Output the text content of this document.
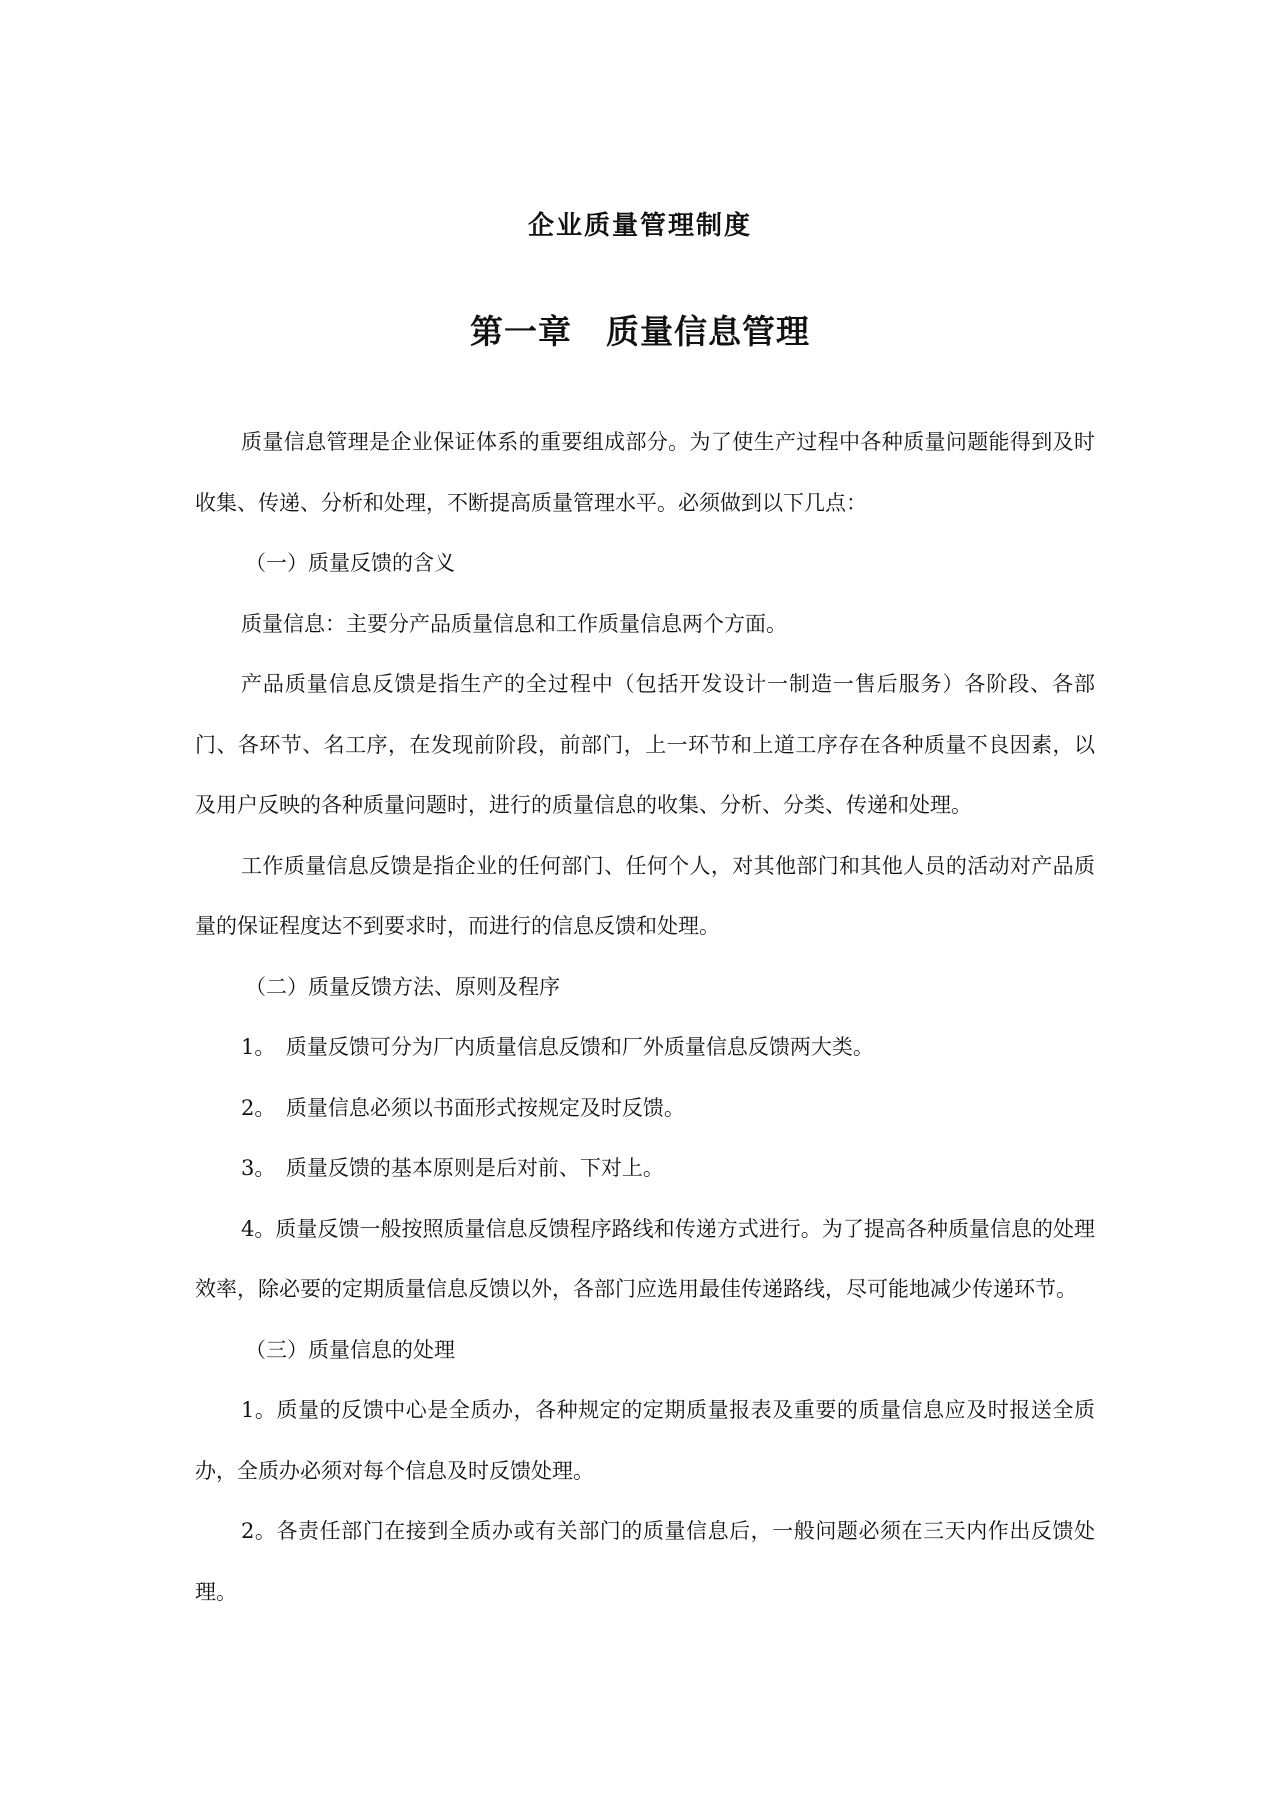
企业质量管理制度
第一章　质量信息管理

质量信息管理是企业保证体系的重要组成部分。为了使生产过程中各种质量问题能得到及时收集、传递、分析和处理，不断提高质量管理水平。必须做到以下几点：

（一）质量反馈的含义

质量信息：主要分产品质量信息和工作质量信息两个方面。

产品质量信息反馈是指生产的全过程中（包括开发设计一制造一售后服务）各阶段、各部门、各环节、名工序，在发现前阶段，前部门，上一环节和上道工序存在各种质量不良因素，以及用户反映的各种质量问题时，进行的质量信息的收集、分析、分类、传递和处理。

工作质量信息反馈是指企业的任何部门、任何个人，对其他部门和其他人员的活动对产品质量的保证程度达不到要求时，而进行的信息反馈和处理。

（二）质量反馈方法、原则及程序

1。　质量反馈可分为厂内质量信息反馈和厂外质量信息反馈两大类。

2。　质量信息必须以书面形式按规定及时反馈。

3。　质量反馈的基本原则是后对前、下对上。

4。质量反馈一般按照质量信息反馈程序路线和传递方式进行。为了提高各种质量信息的处理效率，除必要的定期质量信息反馈以外，各部门应选用最佳传递路线，尽可能地减少传递环节。

（三）质量信息的处理

1。质量的反馈中心是全质办，各种规定的定期质量报表及重要的质量信息应及时报送全质办，全质办必须对每个信息及时反馈处理。

2。各责任部门在接到全质办或有关部门的质量信息后，一般问题必须在三天内作出反馈处理。
